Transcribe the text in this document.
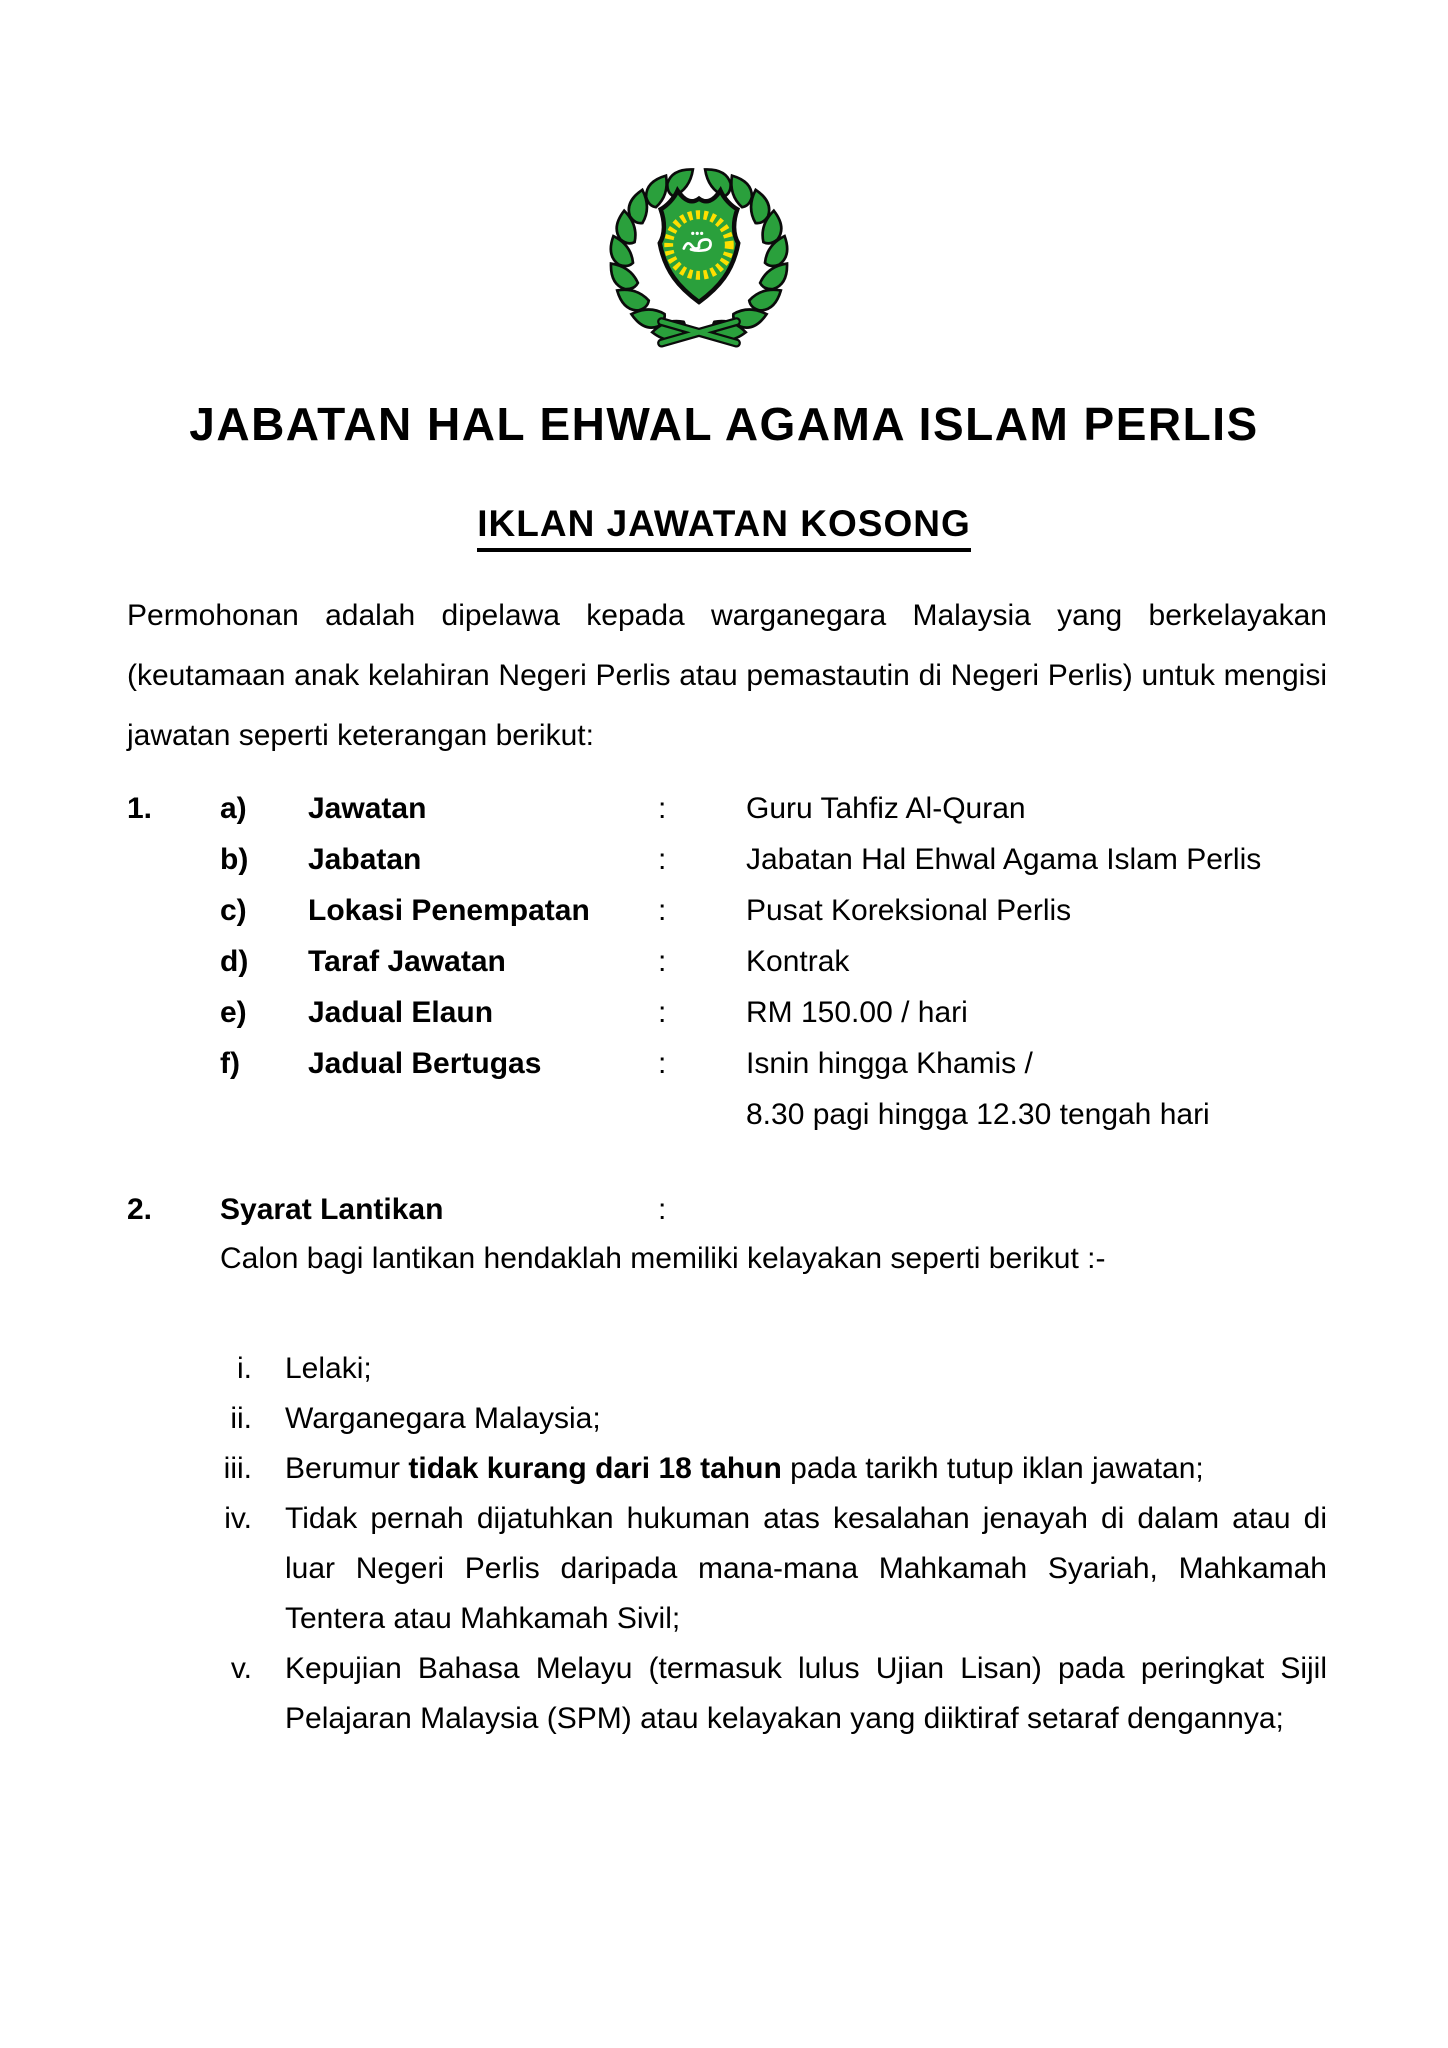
JABATAN HAL EHWAL AGAMA ISLAM PERLIS
IKLAN JAWATAN KOSONG
Permohonan adalah dipelawa kepada warganegara Malaysia yang berkelayakan (keutamaan anak kelahiran Negeri Perlis atau pemastautin di Negeri Perlis) untuk mengisi jawatan seperti keterangan berikut:
1.	a)	Jawatan	:	Guru Tahfiz Al-Quran
b)	Jabatan	:	Jabatan Hal Ehwal Agama Islam Perlis
c)	Lokasi Penempatan	:	Pusat Koreksional Perlis
d)	Taraf Jawatan	:	Kontrak
e)	Jadual Elaun	:	RM 150.00 / hari
f)	Jadual Bertugas	:	Isnin hingga Khamis /
8.30 pagi hingga 12.30 tengah hari
2.	Syarat Lantikan	:
Calon bagi lantikan hendaklah memiliki kelayakan seperti berikut :-
i.	Lelaki;
ii.	Warganegara Malaysia;
iii.	Berumur tidak kurang dari 18 tahun pada tarikh tutup iklan jawatan;
iv.	Tidak pernah dijatuhkan hukuman atas kesalahan jenayah di dalam atau di luar Negeri Perlis daripada mana-mana Mahkamah Syariah, Mahkamah Tentera atau Mahkamah Sivil;
v.	Kepujian Bahasa Melayu (termasuk lulus Ujian Lisan) pada peringkat Sijil Pelajaran Malaysia (SPM) atau kelayakan yang diiktiraf setaraf dengannya;
